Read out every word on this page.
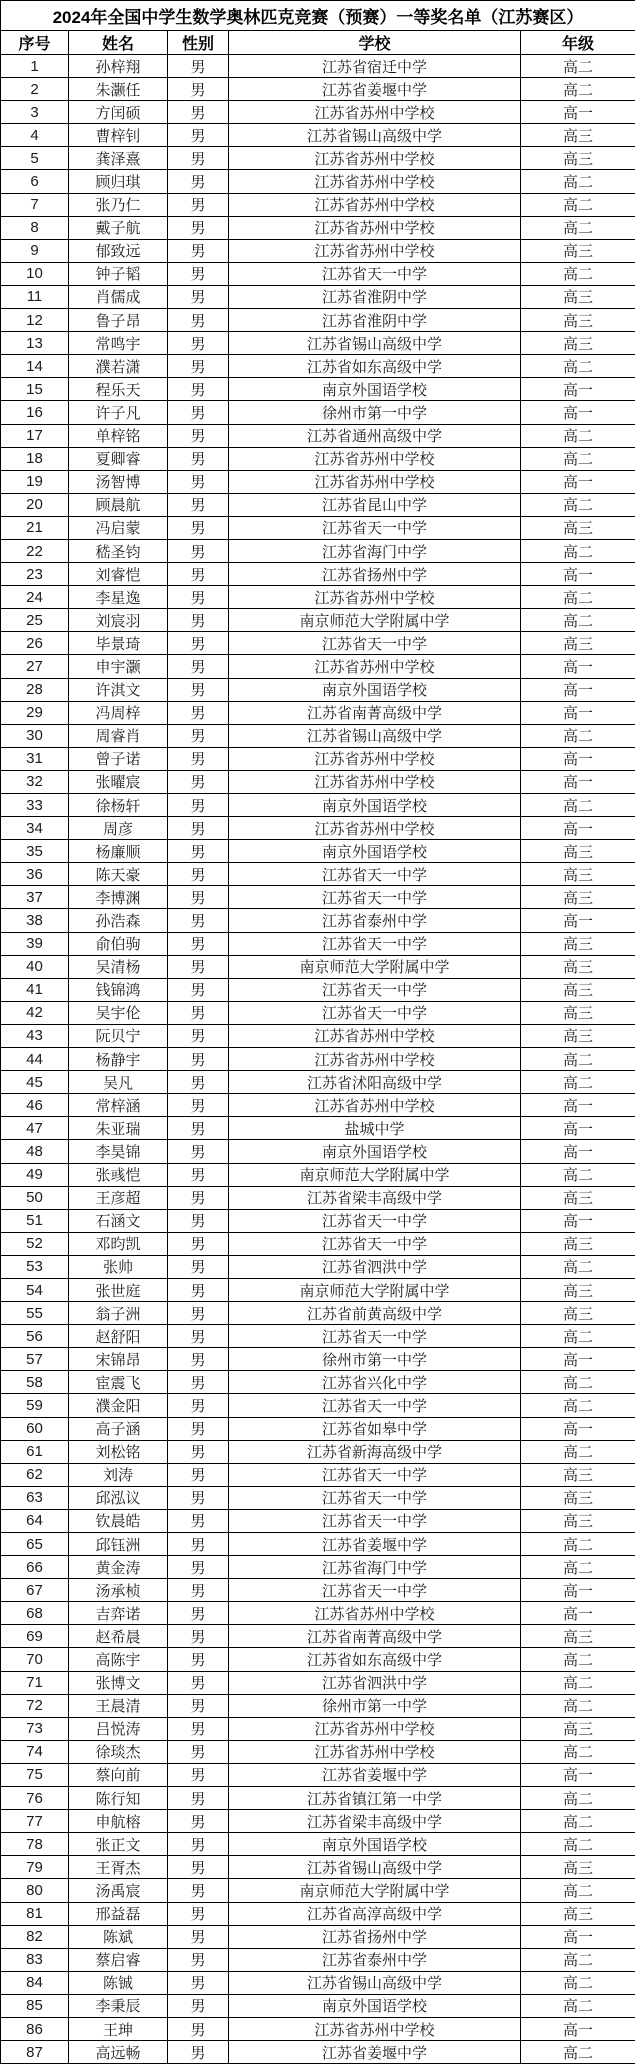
2024年全国中学生数学奥林匹克竞赛（预赛）一等奖名单（江苏赛区）				
序号	姓名	性别	学校	年级
1	孙梓翔	男	江苏省宿迁中学	高二
2	朱灏任	男	江苏省姜堰中学	高二
3	方闰硕	男	江苏省苏州中学校	高一
4	曹梓钊	男	江苏省锡山高级中学	高三
5	龚泽熹	男	江苏省苏州中学校	高三
6	顾归琪	男	江苏省苏州中学校	高二
7	张乃仁	男	江苏省苏州中学校	高二
8	戴子航	男	江苏省苏州中学校	高二
9	郁致远	男	江苏省苏州中学校	高三
10	钟子韬	男	江苏省天一中学	高二
11	肖儒成	男	江苏省淮阴中学	高三
12	鲁子昂	男	江苏省淮阴中学	高三
13	常鸣宇	男	江苏省锡山高级中学	高三
14	濮若潇	男	江苏省如东高级中学	高二
15	程乐天	男	南京外国语学校	高一
16	许子凡	男	徐州市第一中学	高一
17	单梓铭	男	江苏省通州高级中学	高二
18	夏卿睿	男	江苏省苏州中学校	高二
19	汤智博	男	江苏省苏州中学校	高一
20	顾晨航	男	江苏省昆山中学	高二
21	冯启蒙	男	江苏省天一中学	高三
22	嵇圣钧	男	江苏省海门中学	高二
23	刘睿恺	男	江苏省扬州中学	高一
24	李星逸	男	江苏省苏州中学校	高二
25	刘宸羽	男	南京师范大学附属中学	高二
26	毕景琦	男	江苏省天一中学	高三
27	申宇灏	男	江苏省苏州中学校	高一
28	许淇文	男	南京外国语学校	高一
29	冯周梓	男	江苏省南菁高级中学	高一
30	周睿肖	男	江苏省锡山高级中学	高二
31	曾子诺	男	江苏省苏州中学校	高一
32	张曜宸	男	江苏省苏州中学校	高一
33	徐杨轩	男	南京外国语学校	高二
34	周彦	男	江苏省苏州中学校	高一
35	杨廉顺	男	南京外国语学校	高三
36	陈天豪	男	江苏省天一中学	高三
37	李博渊	男	江苏省天一中学	高三
38	孙浩森	男	江苏省泰州中学	高一
39	俞伯驹	男	江苏省天一中学	高三
40	吴清杨	男	南京师范大学附属中学	高三
41	钱锦鸿	男	江苏省天一中学	高三
42	吴宇伦	男	江苏省天一中学	高三
43	阮贝宁	男	江苏省苏州中学校	高三
44	杨静宇	男	江苏省苏州中学校	高二
45	吴凡	男	江苏省沭阳高级中学	高二
46	常梓涵	男	江苏省苏州中学校	高一
47	朱亚瑞	男	盐城中学	高一
48	李昊锦	男	南京外国语学校	高一
49	张彧恺	男	南京师范大学附属中学	高二
50	王彦超	男	江苏省梁丰高级中学	高三
51	石涵文	男	江苏省天一中学	高一
52	邓昀凯	男	江苏省天一中学	高三
53	张帅	男	江苏省泗洪中学	高二
54	张世庭	男	南京师范大学附属中学	高三
55	翁子洲	男	江苏省前黄高级中学	高三
56	赵舒阳	男	江苏省天一中学	高二
57	宋锦昂	男	徐州市第一中学	高一
58	宦震飞	男	江苏省兴化中学	高二
59	濮金阳	男	江苏省天一中学	高二
60	高子涵	男	江苏省如皋中学	高一
61	刘松铭	男	江苏省新海高级中学	高二
62	刘涛	男	江苏省天一中学	高三
63	邱泓议	男	江苏省天一中学	高三
64	钦晨皓	男	江苏省天一中学	高三
65	邱钰洲	男	江苏省姜堰中学	高二
66	黄金涛	男	江苏省海门中学	高二
67	汤承桢	男	江苏省天一中学	高一
68	吉弈诺	男	江苏省苏州中学校	高一
69	赵希晨	男	江苏省南菁高级中学	高三
70	高陈宇	男	江苏省如东高级中学	高二
71	张博文	男	江苏省泗洪中学	高二
72	王晨清	男	徐州市第一中学	高二
73	吕悦涛	男	江苏省苏州中学校	高三
74	徐琰杰	男	江苏省苏州中学校	高二
75	蔡向前	男	江苏省姜堰中学	高一
76	陈行知	男	江苏省镇江第一中学	高二
77	申航榕	男	江苏省梁丰高级中学	高二
78	张正文	男	南京外国语学校	高二
79	王胥杰	男	江苏省锡山高级中学	高三
80	汤禹宸	男	南京师范大学附属中学	高二
81	邢益磊	男	江苏省高淳高级中学	高三
82	陈斌	男	江苏省扬州中学	高一
83	蔡启睿	男	江苏省泰州中学	高二
84	陈铖	男	江苏省锡山高级中学	高二
85	李秉辰	男	南京外国语学校	高二
86	王珅	男	江苏省苏州中学校	高一
87	高远畅	男	江苏省姜堰中学	高二
